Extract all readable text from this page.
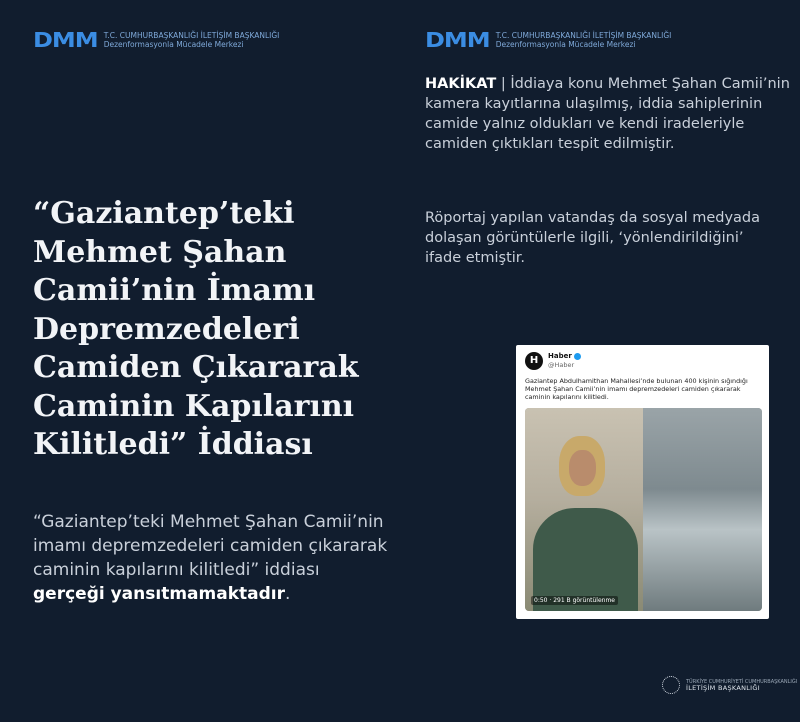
DMM T.C. CUMHURBAŞKANLIĞI İLETİŞİM BAŞKANLIĞI
Dezenformasyonla Mücadele Merkezi	DMM T.C. CUMHURBAŞKANLIĞI İLETİŞİM BAŞKANLIĞI
Dezenformasyonla Mücadele Merkezi
“Gaziantep’teki Mehmet Şahan Camii’nin İmamı Depremzedeleri Camiden Çıkararak Caminin Kapılarını Kilitledi” İddiası

“Gaziantep’teki Mehmet Şahan Camii’nin imamı depremzedeleri camiden çıkararak caminin kapılarını kilitledi” iddiası gerçeği yansıtmamaktadır.

HAKİKAT | İddiaya konu Mehmet Şahan Camii’nin kamera kayıtlarına ulaşılmış, iddia sahiplerinin camide yalnız oldukları ve kendi iradeleriyle camiden çıktıkları tespit edilmiştir.

Röportaj yapılan vatandaş da sosyal medyada dolaşan görüntülerle ilgili, ‘yönlendirildiğini’ ifade etmiştir.

H	Haber
@Haber

Gaziantep Abdulhamithan Mahallesi’nde bulunan 400 kişinin sığındığı Mehmet Şahan Camii’nin imamı depremzedeleri camiden çıkararak caminin kapılarını kilitledi.

0:50 · 291 B görüntülenme
TÜRKİYE CUMHURİYETİ CUMHURBAŞKANLIĞI
İLETİŞİM BAŞKANLIĞI
